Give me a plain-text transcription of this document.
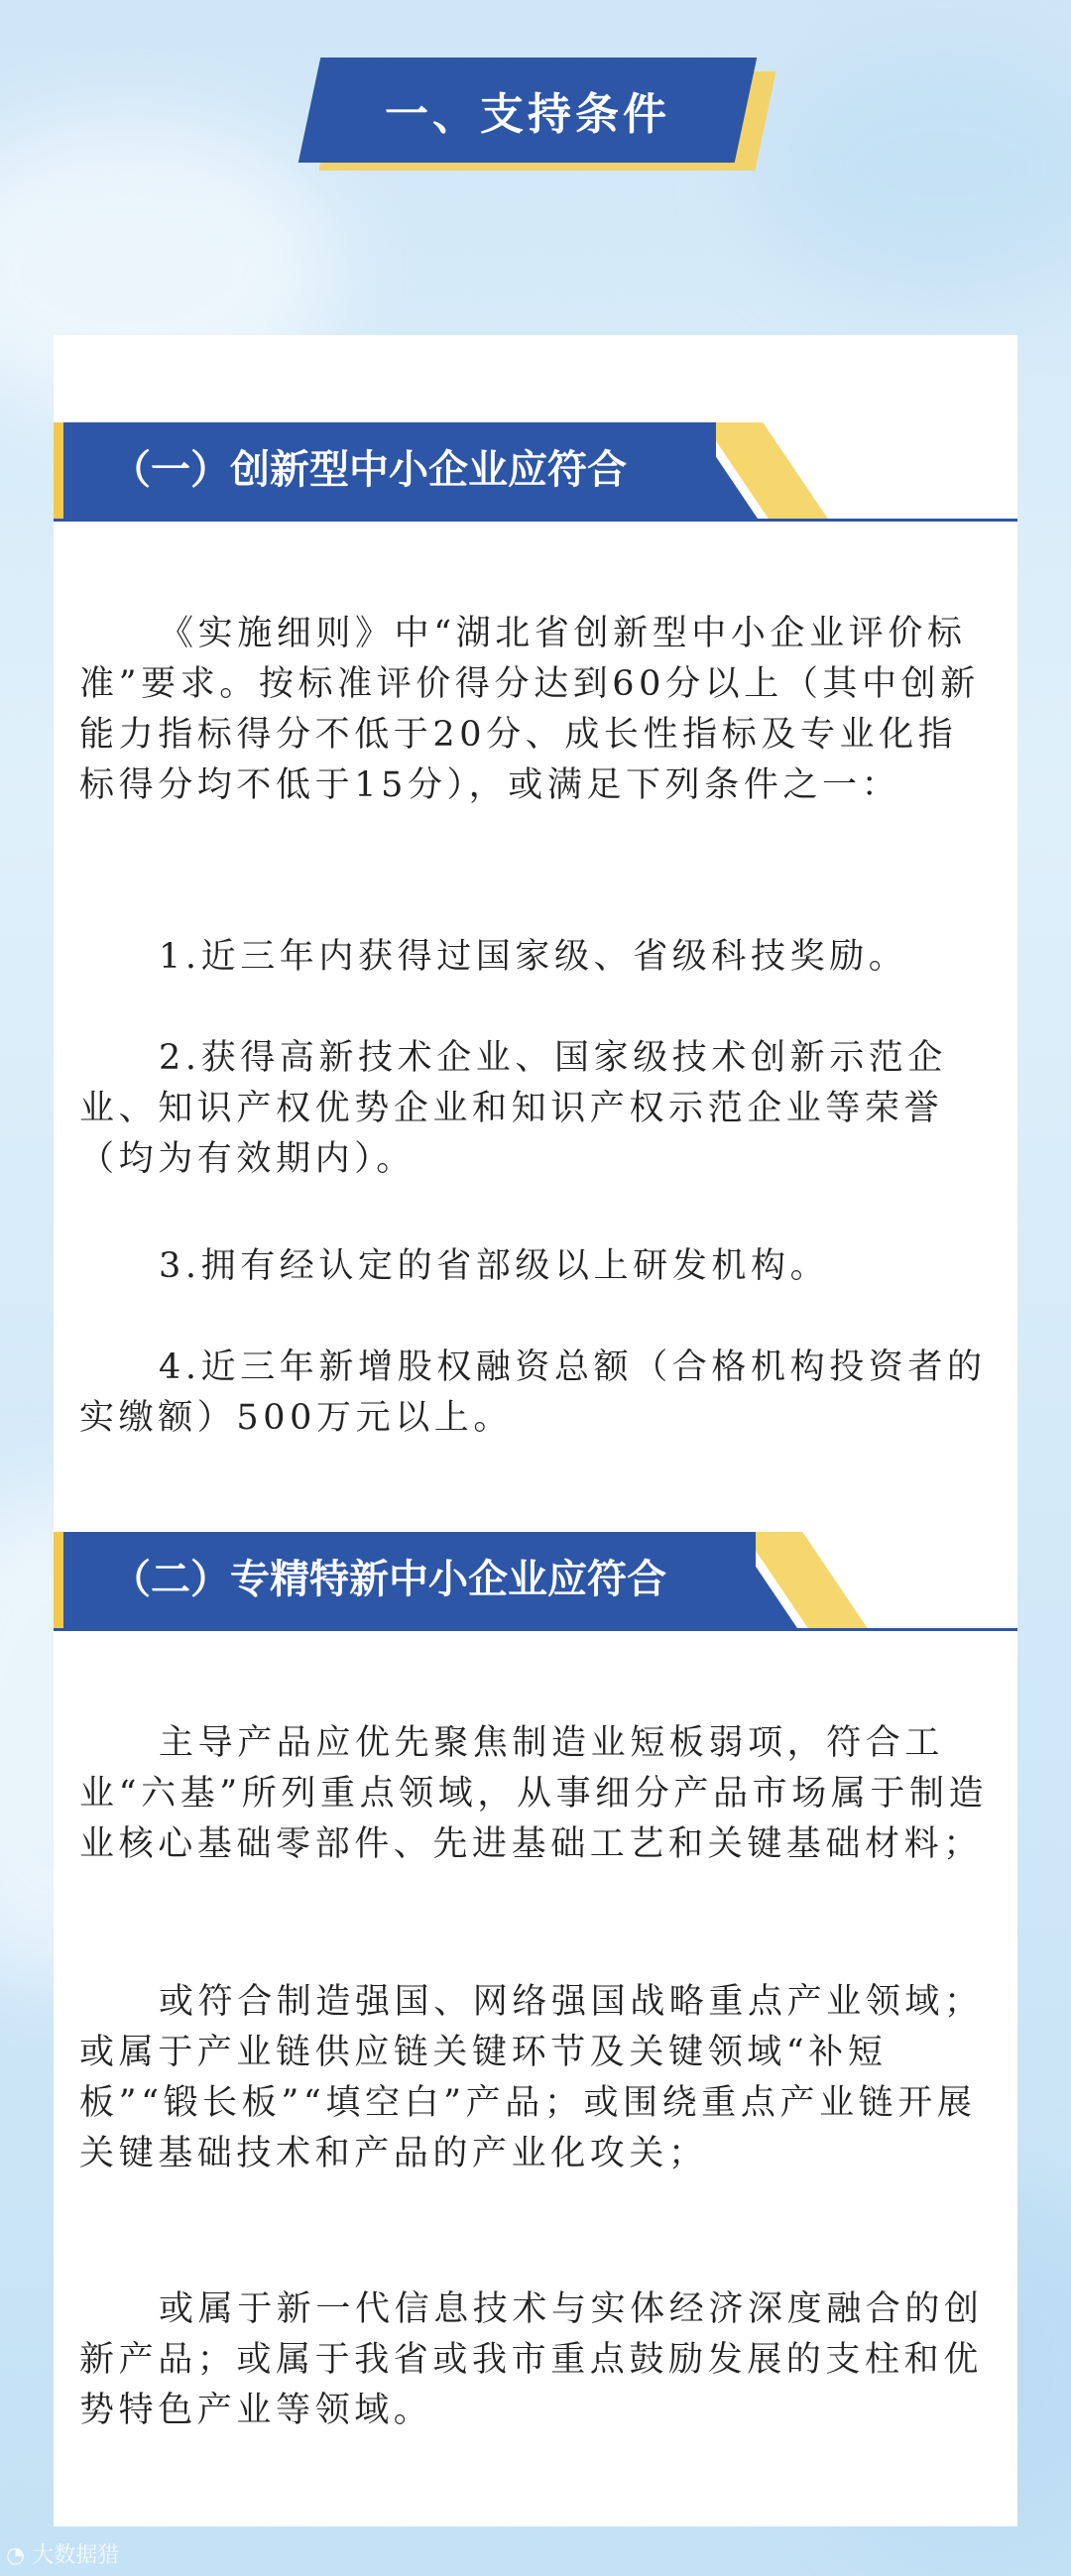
一、支持条件
（一）创新型中小企业应符合

《实施细则》中“湖北省创新型中小企业评价标准”要求。按标准评价得分达到60分以上（其中创新能力指标得分不低于20分、成长性指标及专业化指标得分均不低于15分），或满足下列条件之一：

1.近三年内获得过国家级、省级科技奖励。

2.获得高新技术企业、国家级技术创新示范企业、知识产权优势企业和知识产权示范企业等荣誉（均为有效期内）。

3.拥有经认定的省部级以上研发机构。

4.近三年新增股权融资总额（合格机构投资者的实缴额）500万元以上。

（二）专精特新中小企业应符合

主导产品应优先聚焦制造业短板弱项，符合工业“六基”所列重点领域，从事细分产品市场属于制造业核心基础零部件、先进基础工艺和关键基础材料；

或符合制造强国、网络强国战略重点产业领域；或属于产业链供应链关键环节及关键领域“补短板”“锻长板”“填空白”产品；或围绕重点产业链开展关键基础技术和产品的产业化攻关；

或属于新一代信息技术与实体经济深度融合的创新产品；或属于我省或我市重点鼓励发展的支柱和优势特色产业等领域。

◔ 大数据猎
